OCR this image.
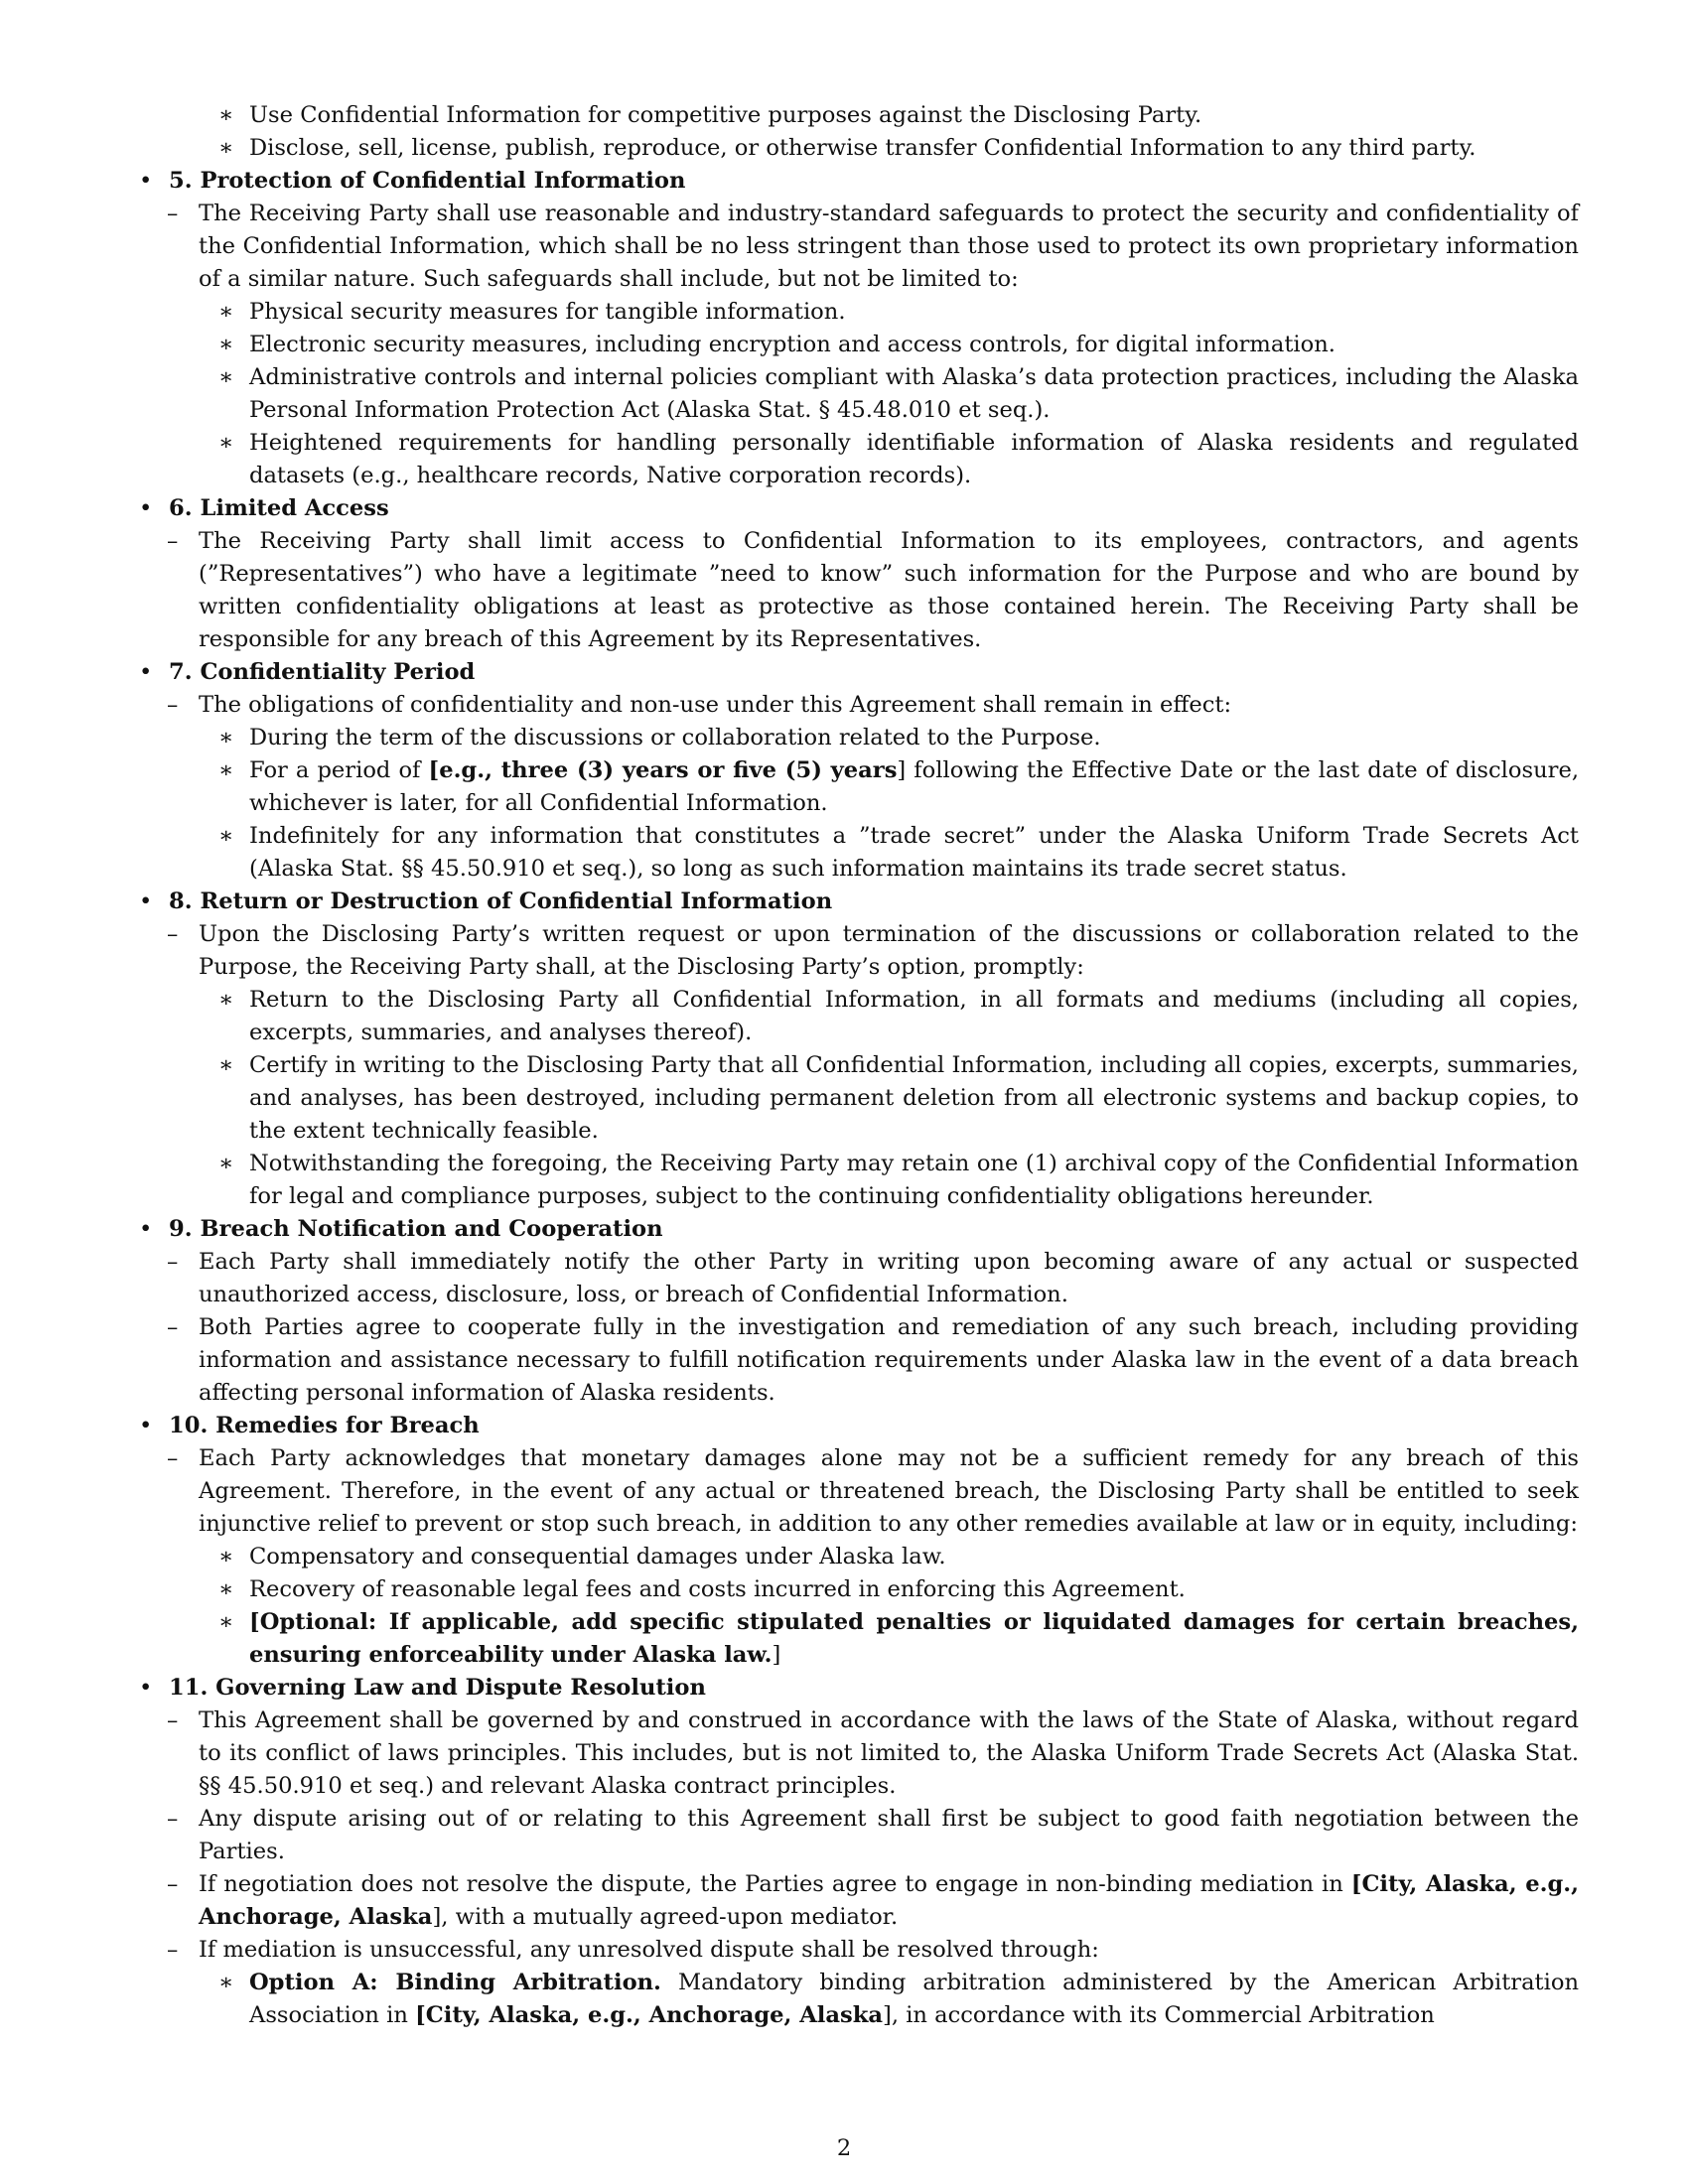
∗ Use Confidential Information for competitive purposes against the Disclosing Party.
∗ Disclose, sell, license, publish, reproduce, or otherwise transfer Confidential Information to any third party.
• 5. Protection of Confidential Information
– The Receiving Party shall use reasonable and industry-standard safeguards to protect the security and confidentiality of the Confidential Information, which shall be no less stringent than those used to protect its own proprietary information of a similar nature. Such safeguards shall include, but not be limited to:
∗ Physical security measures for tangible information.
∗ Electronic security measures, including encryption and access controls, for digital information.
∗ Administrative controls and internal policies compliant with Alaska’s data protection practices, including the Alaska Personal Information Protection Act (Alaska Stat. § 45.48.010 et seq.).
∗ Heightened requirements for handling personally identifiable information of Alaska residents and regulated datasets (e.g., healthcare records, Native corporation records).
• 6. Limited Access
– The Receiving Party shall limit access to Confidential Information to its employees, contractors, and agents (”Representatives”) who have a legitimate ”need to know” such information for the Purpose and who are bound by written confidentiality obligations at least as protective as those contained herein. The Receiving Party shall be responsible for any breach of this Agreement by its Representatives.
• 7. Confidentiality Period
– The obligations of confidentiality and non-use under this Agreement shall remain in effect:
∗ During the term of the discussions or collaboration related to the Purpose.
∗ For a period of [e.g., three (3) years or five (5) years] following the Effective Date or the last date of disclosure, whichever is later, for all Confidential Information.
∗ Indefinitely for any information that constitutes a ”trade secret” under the Alaska Uniform Trade Secrets Act (Alaska Stat. §§ 45.50.910 et seq.), so long as such information maintains its trade secret status.
• 8. Return or Destruction of Confidential Information
– Upon the Disclosing Party’s written request or upon termination of the discussions or collaboration related to the Purpose, the Receiving Party shall, at the Disclosing Party’s option, promptly:
∗ Return to the Disclosing Party all Confidential Information, in all formats and mediums (including all copies, excerpts, summaries, and analyses thereof).
∗ Certify in writing to the Disclosing Party that all Confidential Information, including all copies, excerpts, summaries, and analyses, has been destroyed, including permanent deletion from all electronic systems and backup copies, to the extent technically feasible.
∗ Notwithstanding the foregoing, the Receiving Party may retain one (1) archival copy of the Confidential Information for legal and compliance purposes, subject to the continuing confidentiality obligations hereunder.
• 9. Breach Notification and Cooperation
– Each Party shall immediately notify the other Party in writing upon becoming aware of any actual or suspected unauthorized access, disclosure, loss, or breach of Confidential Information.
– Both Parties agree to cooperate fully in the investigation and remediation of any such breach, including providing information and assistance necessary to fulfill notification requirements under Alaska law in the event of a data breach affecting personal information of Alaska residents.
• 10. Remedies for Breach
– Each Party acknowledges that monetary damages alone may not be a sufficient remedy for any breach of this Agreement. Therefore, in the event of any actual or threatened breach, the Disclosing Party shall be entitled to seek injunctive relief to prevent or stop such breach, in addition to any other remedies available at law or in equity, including:
∗ Compensatory and consequential damages under Alaska law.
∗ Recovery of reasonable legal fees and costs incurred in enforcing this Agreement.
∗ [Optional: If applicable, add specific stipulated penalties or liquidated damages for certain breaches, ensuring enforceability under Alaska law.]
• 11. Governing Law and Dispute Resolution
– This Agreement shall be governed by and construed in accordance with the laws of the State of Alaska, without regard to its conflict of laws principles. This includes, but is not limited to, the Alaska Uniform Trade Secrets Act (Alaska Stat. §§ 45.50.910 et seq.) and relevant Alaska contract principles.
– Any dispute arising out of or relating to this Agreement shall first be subject to good faith negotiation between the Parties.
– If negotiation does not resolve the dispute, the Parties agree to engage in non-binding mediation in [City, Alaska, e.g., Anchorage, Alaska], with a mutually agreed-upon mediator.
– If mediation is unsuccessful, any unresolved dispute shall be resolved through:
∗ Option A: Binding Arbitration. Mandatory binding arbitration administered by the American Arbitration Association in [City, Alaska, e.g., Anchorage, Alaska], in accordance with its Commercial Arbitration
2
